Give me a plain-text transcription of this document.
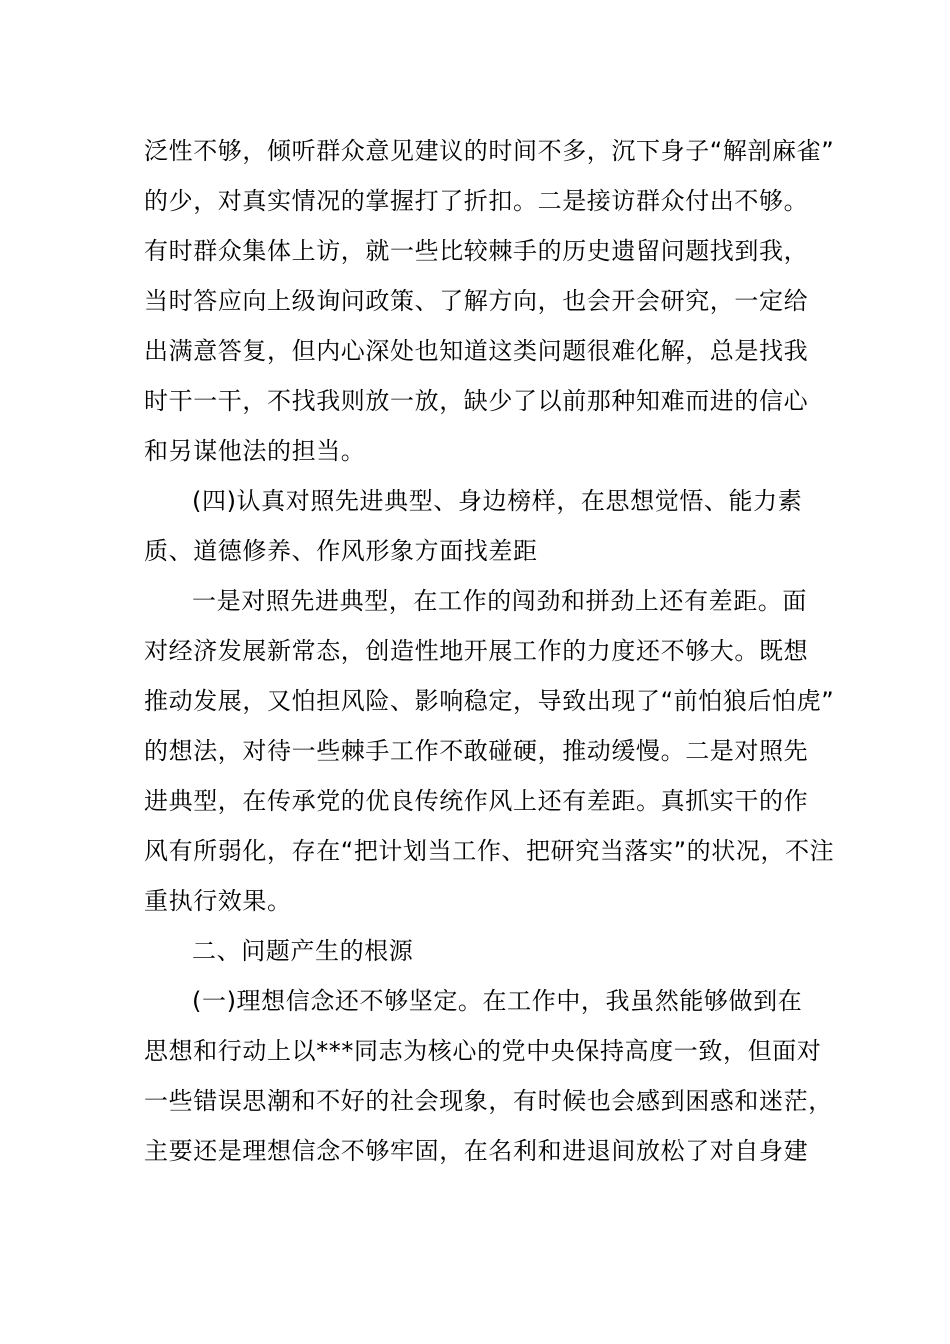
泛性不够，倾听群众意见建议的时间不多，沉下身子“解剖麻雀”
的少，对真实情况的掌握打了折扣。二是接访群众付出不够。
有时群众集体上访，就一些比较棘手的历史遗留问题找到我，
当时答应向上级询问政策、了解方向，也会开会研究，一定给
出满意答复，但内心深处也知道这类问题很难化解，总是找我
时干一干，不找我则放一放，缺少了以前那种知难而进的信心
和另谋他法的担当。

(四)认真对照先进典型、身边榜样，在思想觉悟、能力素
质、道德修养、作风形象方面找差距

一是对照先进典型，在工作的闯劲和拼劲上还有差距。面
对经济发展新常态，创造性地开展工作的力度还不够大。既想
推动发展，又怕担风险、影响稳定，导致出现了“前怕狼后怕虎”
的想法，对待一些棘手工作不敢碰硬，推动缓慢。二是对照先
进典型，在传承党的优良传统作风上还有差距。真抓实干的作
风有所弱化，存在“把计划当工作、把研究当落实”的状况，不注
重执行效果。

二、问题产生的根源

(一)理想信念还不够坚定。在工作中，我虽然能够做到在
思想和行动上以***同志为核心的党中央保持高度一致，但面对
一些错误思潮和不好的社会现象，有时候也会感到困惑和迷茫，
主要还是理想信念不够牢固，在名利和进退间放松了对自身建
